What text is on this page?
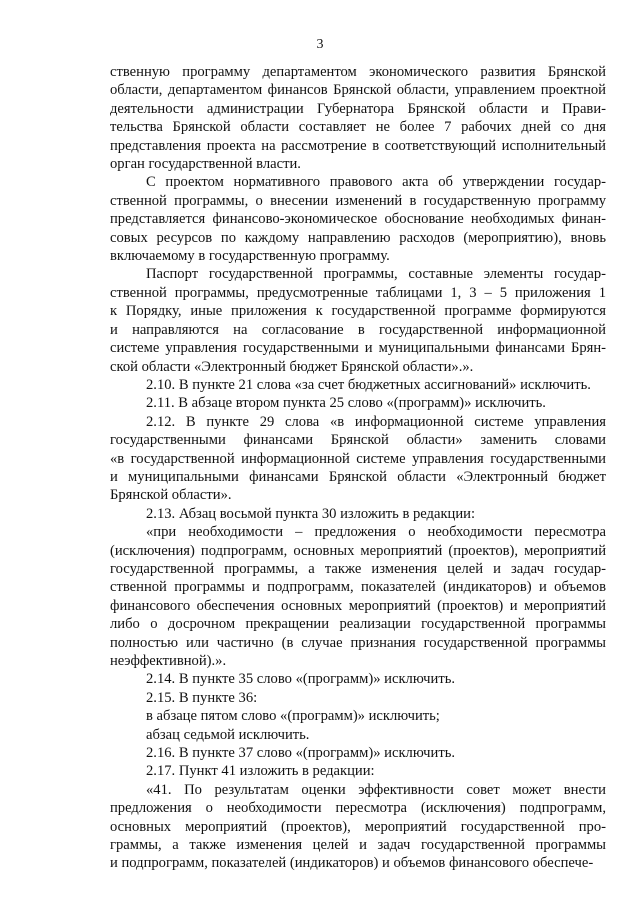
3
ственную программу департаментом экономического развития Брянской
области, департаментом финансов Брянской области, управлением проектной
деятельности администрации Губернатора Брянской области и Прави-
тельства Брянской области составляет не более 7 рабочих дней со дня
представления проекта на рассмотрение в соответствующий исполнительный
орган государственной власти.
С проектом нормативного правового акта об утверждении государ-
ственной программы, о внесении изменений в государственную программу
представляется финансово-экономическое обоснование необходимых финан-
совых ресурсов по каждому направлению расходов (мероприятию), вновь
включаемому в государственную программу.
Паспорт государственной программы, составные элементы государ-
ственной программы, предусмотренные таблицами 1, 3 – 5 приложения 1
к Порядку, иные приложения к государственной программе формируются
и направляются на согласование в государственной информационной
системе управления государственными и муниципальными финансами Брян-
ской области «Электронный бюджет Брянской области».».
2.10. В пункте 21 слова «за счет бюджетных ассигнований» исключить.
2.11. В абзаце втором пункта 25 слово «(программ)» исключить.
2.12. В пункте 29 слова «в информационной системе управления
государственными финансами Брянской области» заменить словами
«в государственной информационной системе управления государственными
и муниципальными финансами Брянской области «Электронный бюджет
Брянской области».
2.13. Абзац восьмой пункта 30 изложить в редакции:
«при необходимости – предложения о необходимости пересмотра
(исключения) подпрограмм, основных мероприятий (проектов), мероприятий
государственной программы, а также изменения целей и задач государ-
ственной программы и подпрограмм, показателей (индикаторов) и объемов
финансового обеспечения основных мероприятий (проектов) и мероприятий
либо о досрочном прекращении реализации государственной программы
полностью или частично (в случае признания государственной программы
неэффективной).».
2.14. В пункте 35 слово «(программ)» исключить.
2.15. В пункте 36:
в абзаце пятом слово «(программ)» исключить;
абзац седьмой исключить.
2.16. В пункте 37 слово «(программ)» исключить.
2.17. Пункт 41 изложить в редакции:
«41. По результатам оценки эффективности совет может внести
предложения о необходимости пересмотра (исключения) подпрограмм,
основных мероприятий (проектов), мероприятий государственной про-
граммы, а также изменения целей и задач государственной программы
и подпрограмм, показателей (индикаторов) и объемов финансового обеспече-
